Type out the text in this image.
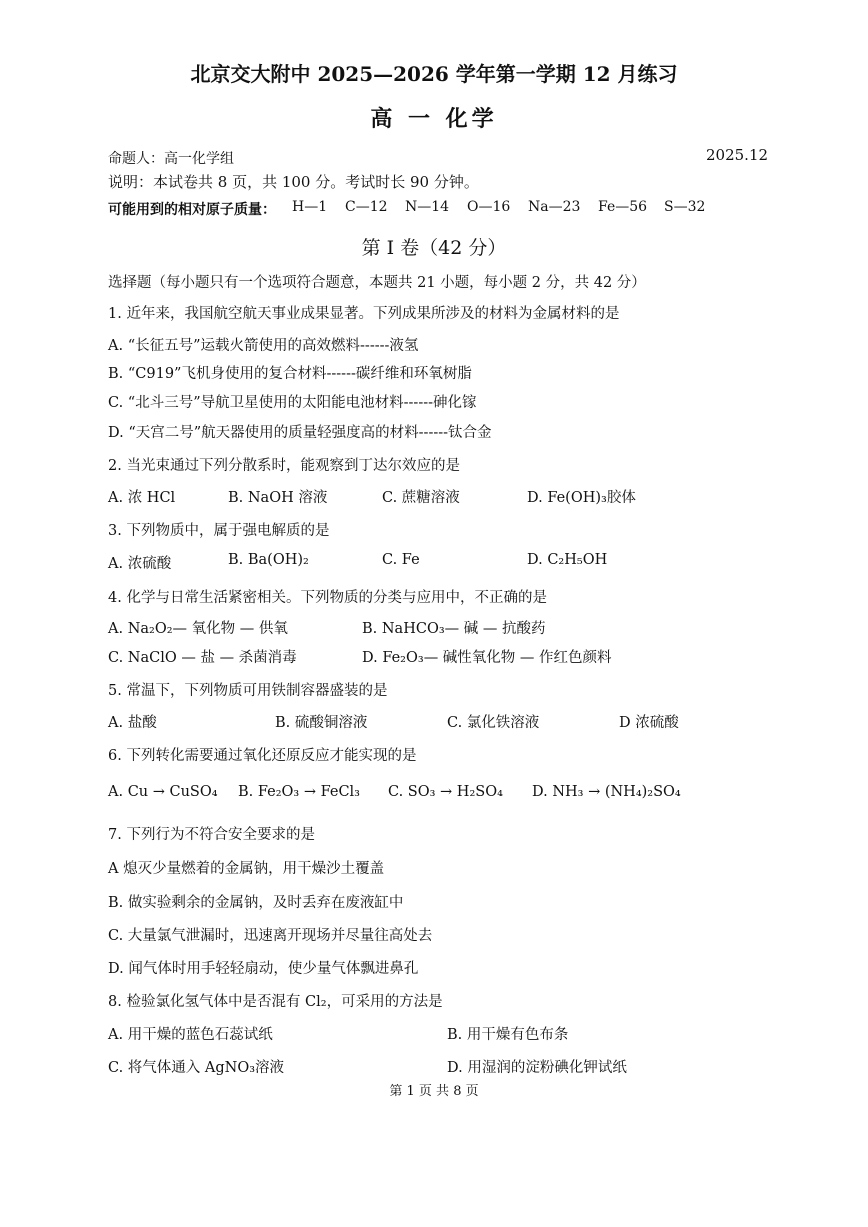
北京交大附中 2025—2026 学年第一学期 12 月练习
高 一 化学
命题人：高一化学组	2025.12
说明：本试卷共 8 页，共 100 分。考试时长 90 分钟。
可能用到的相对原子质量： H—1 C—12 N—14 O—16 Na—23 Fe—56 S—32
第 I 卷（42 分）
选择题（每小题只有一个选项符合题意，本题共 21 小题，每小题 2 分，共 42 分）
1. 近年来，我国航空航天事业成果显著。下列成果所涉及的材料为金属材料的是
A. “长征五号”运载火箭使用的高效燃料------液氢
B. “C919”飞机身使用的复合材料------碳纤维和环氧树脂
C. “北斗三号”导航卫星使用的太阳能电池材料------砷化镓
D. “天宫二号”航天器使用的质量轻强度高的材料------钛合金
2. 当光束通过下列分散系时，能观察到丁达尔效应的是
A. 浓 HCl	B. NaOH 溶液	C. 蔗糖溶液	D. Fe(OH)₃胶体
3. 下列物质中，属于强电解质的是
A. 浓硫酸	B. Ba(OH)₂	C. Fe	D. C₂H₅OH
4. 化学与日常生活紧密相关。下列物质的分类与应用中，不正确的是
A. Na₂O₂— 氧化物 — 供氧	B. NaHCO₃— 碱 — 抗酸药
C. NaClO — 盐 — 杀菌消毒	D. Fe₂O₃— 碱性氧化物 — 作红色颜料
5. 常温下，下列物质可用铁制容器盛装的是
A. 盐酸	B. 硫酸铜溶液	C. 氯化铁溶液	D 浓硫酸
6. 下列转化需要通过氧化还原反应才能实现的是
A. Cu → CuSO₄ B. Fe₂O₃ → FeCl₃ C. SO₃ → H₂SO₄ D. NH₃ → (NH₄)₂SO₄
7. 下列行为不符合安全要求的是
A 熄灭少量燃着的金属钠，用干燥沙土覆盖
B. 做实验剩余的金属钠，及时丢弃在废液缸中
C. 大量氯气泄漏时，迅速离开现场并尽量往高处去
D. 闻气体时用手轻轻扇动，使少量气体飘进鼻孔
8. 检验氯化氢气体中是否混有 Cl₂，可采用的方法是
A. 用干燥的蓝色石蕊试纸	B. 用干燥有色布条
C. 将气体通入 AgNO₃溶液	D. 用湿润的淀粉碘化钾试纸
第 1 页 共 8 页
